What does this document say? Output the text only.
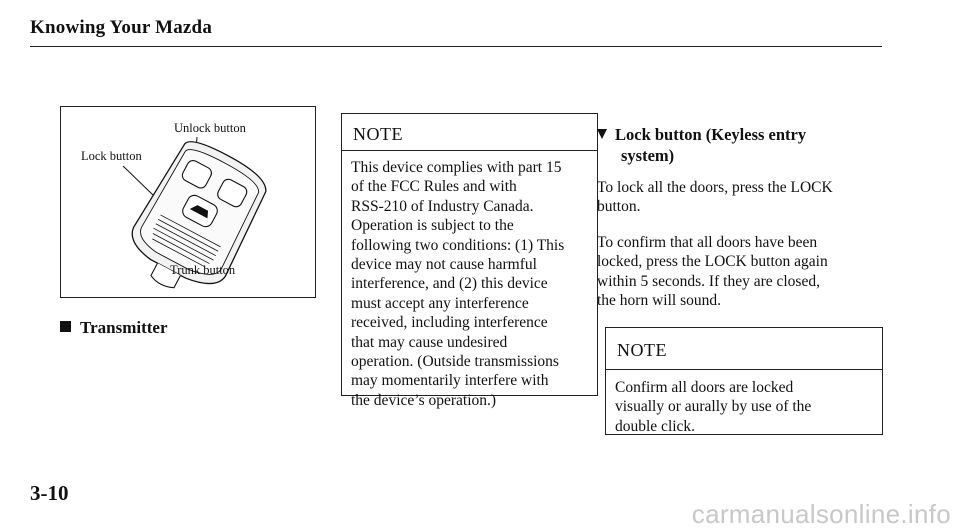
Knowing Your Mazda
Unlock button
Lock button
Trunk button
Transmitter
NOTE
This device complies with part 15
of the FCC Rules and with
RSS-210 of Industry Canada.
Operation is subject to the
following two conditions: (1) This
device may not cause harmful
interference, and (2) this device
must accept any interference
received, including interference
that may cause undesired
operation. (Outside transmissions
may momentarily interfere with
the device’s operation.)
Lock button (Keyless entry
system)
To lock all the doors, press the LOCK
button.
To confirm that all doors have been
locked, press the LOCK button again
within 5 seconds. If they are closed,
the horn will sound.
NOTE
Confirm all doors are locked
visually or aurally by use of the
double click.
3-10
carmanualsonline.info
